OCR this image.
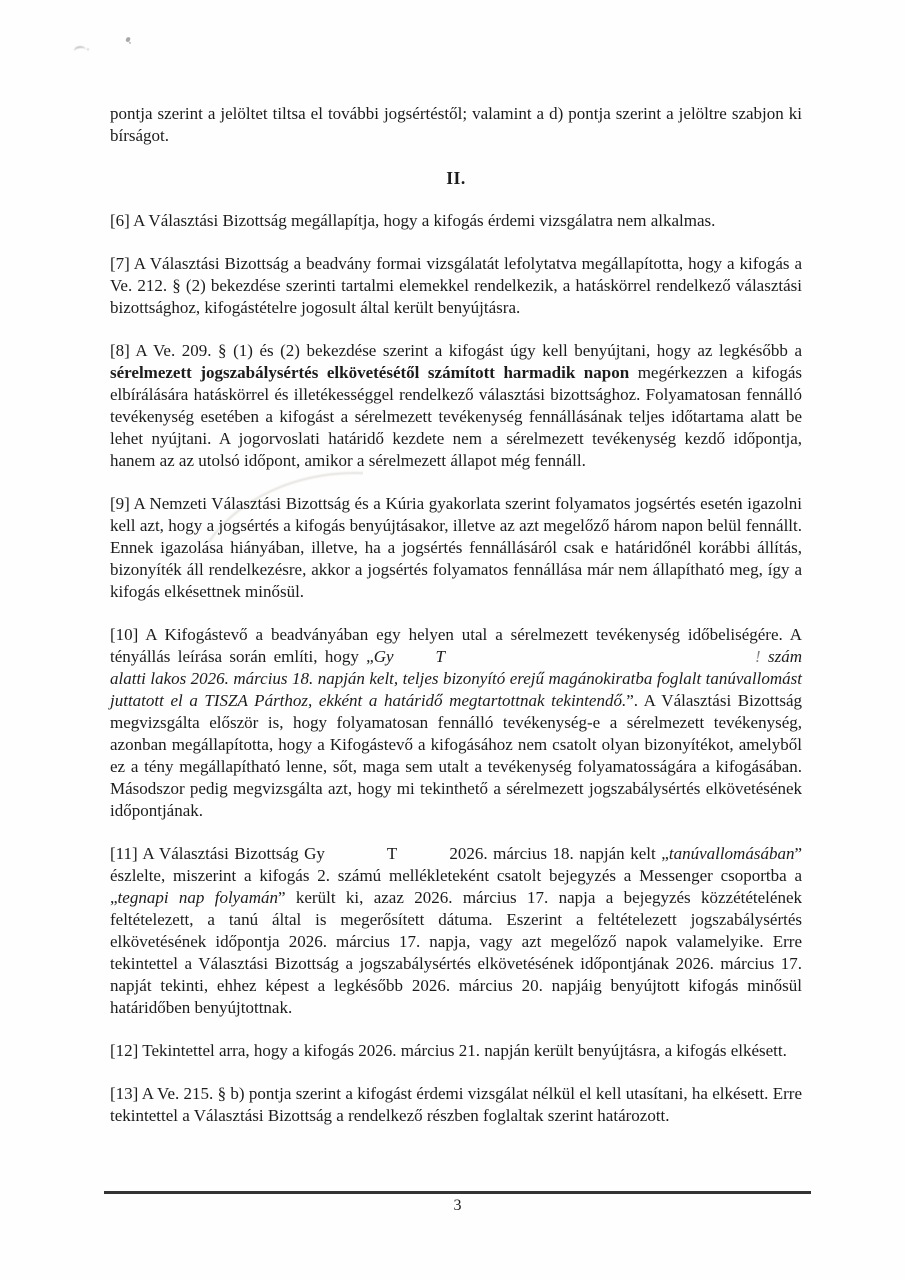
pontja szerint a jelöltet tiltsa el további jogsértéstől; valamint a d) pontja szerint a jelöltre szabjon ki bírságot.

II.

[6] A Választási Bizottság megállapítja, hogy a kifogás érdemi vizsgálatra nem alkalmas.

[7] A Választási Bizottság a beadvány formai vizsgálatát lefolytatva megállapította, hogy a kifogás a Ve. 212. § (2) bekezdése szerinti tartalmi elemekkel rendelkezik, a hatáskörrel rendelkező választási bizottsághoz, kifogástételre jogosult által került benyújtásra.

[8] A Ve. 209. § (1) és (2) bekezdése szerint a kifogást úgy kell benyújtani, hogy az legkésőbb a sérelmezett jogszabálysértés elkövetésétől számított harmadik napon megérkezzen a kifogás elbírálására hatáskörrel és illetékességgel rendelkező választási bizottsághoz. Folyamatosan fennálló tevékenység esetében a kifogást a sérelmezett tevékenység fennállásának teljes időtartama alatt be lehet nyújtani. A jogorvoslati határidő kezdete nem a sérelmezett tevékenység kezdő időpontja, hanem az az utolsó időpont, amikor a sérelmezett állapot még fennáll.

[9] A Nemzeti Választási Bizottság és a Kúria gyakorlata szerint folyamatos jogsértés esetén igazolni kell azt, hogy a jogsértés a kifogás benyújtásakor, illetve az azt megelőző három napon belül fennállt. Ennek igazolása hiányában, illetve, ha a jogsértés fennállásáról csak e határidőnél korábbi állítás, bizonyíték áll rendelkezésre, akkor a jogsértés folyamatos fennállása már nem állapítható meg, így a kifogás elkésettnek minősül.

[10] A Kifogástevő a beadványában egy helyen utal a sérelmezett tevékenység időbeliségére. A tényállás leírása során említi, hogy „Gy T	! szám alatti lakos 2026. március 18. napján kelt, teljes bizonyító erejű magánokiratba foglalt tanúvallomást juttatott el a TISZA Párthoz, ekként a határidő megtartottnak tekintendő.”. A Választási Bizottság megvizsgálta először is, hogy folyamatosan fennálló tevékenység-e a sérelmezett tevékenység, azonban megállapította, hogy a Kifogástevő a kifogásához nem csatolt olyan bizonyítékot, amelyből ez a tény megállapítható lenne, sőt, maga sem utalt a tevékenység folyamatosságára a kifogásában. Másodszor pedig megvizsgálta azt, hogy mi tekinthető a sérelmezett jogszabálysértés elkövetésének időpontjának.

[11] A Választási Bizottság Gy	T	2026. március 18. napján kelt „tanúvallomásában” észlelte, miszerint a kifogás 2. számú mellékleteként csatolt bejegyzés a Messenger csoportba a „tegnapi nap folyamán” került ki, azaz 2026. március 17. napja a bejegyzés közzétételének feltételezett, a tanú által is megerősített dátuma. Eszerint a feltételezett jogszabálysértés elkövetésének időpontja 2026. március 17. napja, vagy azt megelőző napok valamelyike. Erre tekintettel a Választási Bizottság a jogszabálysértés elkövetésének időpontjának 2026. március 17. napját tekinti, ehhez képest a legkésőbb 2026. március 20. napjáig benyújtott kifogás minősül határidőben benyújtottnak.

[12] Tekintettel arra, hogy a kifogás 2026. március 21. napján került benyújtásra, a kifogás elkésett.

[13] A Ve. 215. § b) pontja szerint a kifogást érdemi vizsgálat nélkül el kell utasítani, ha elkésett. Erre tekintettel a Választási Bizottság a rendelkező részben foglaltak szerint határozott.

3
